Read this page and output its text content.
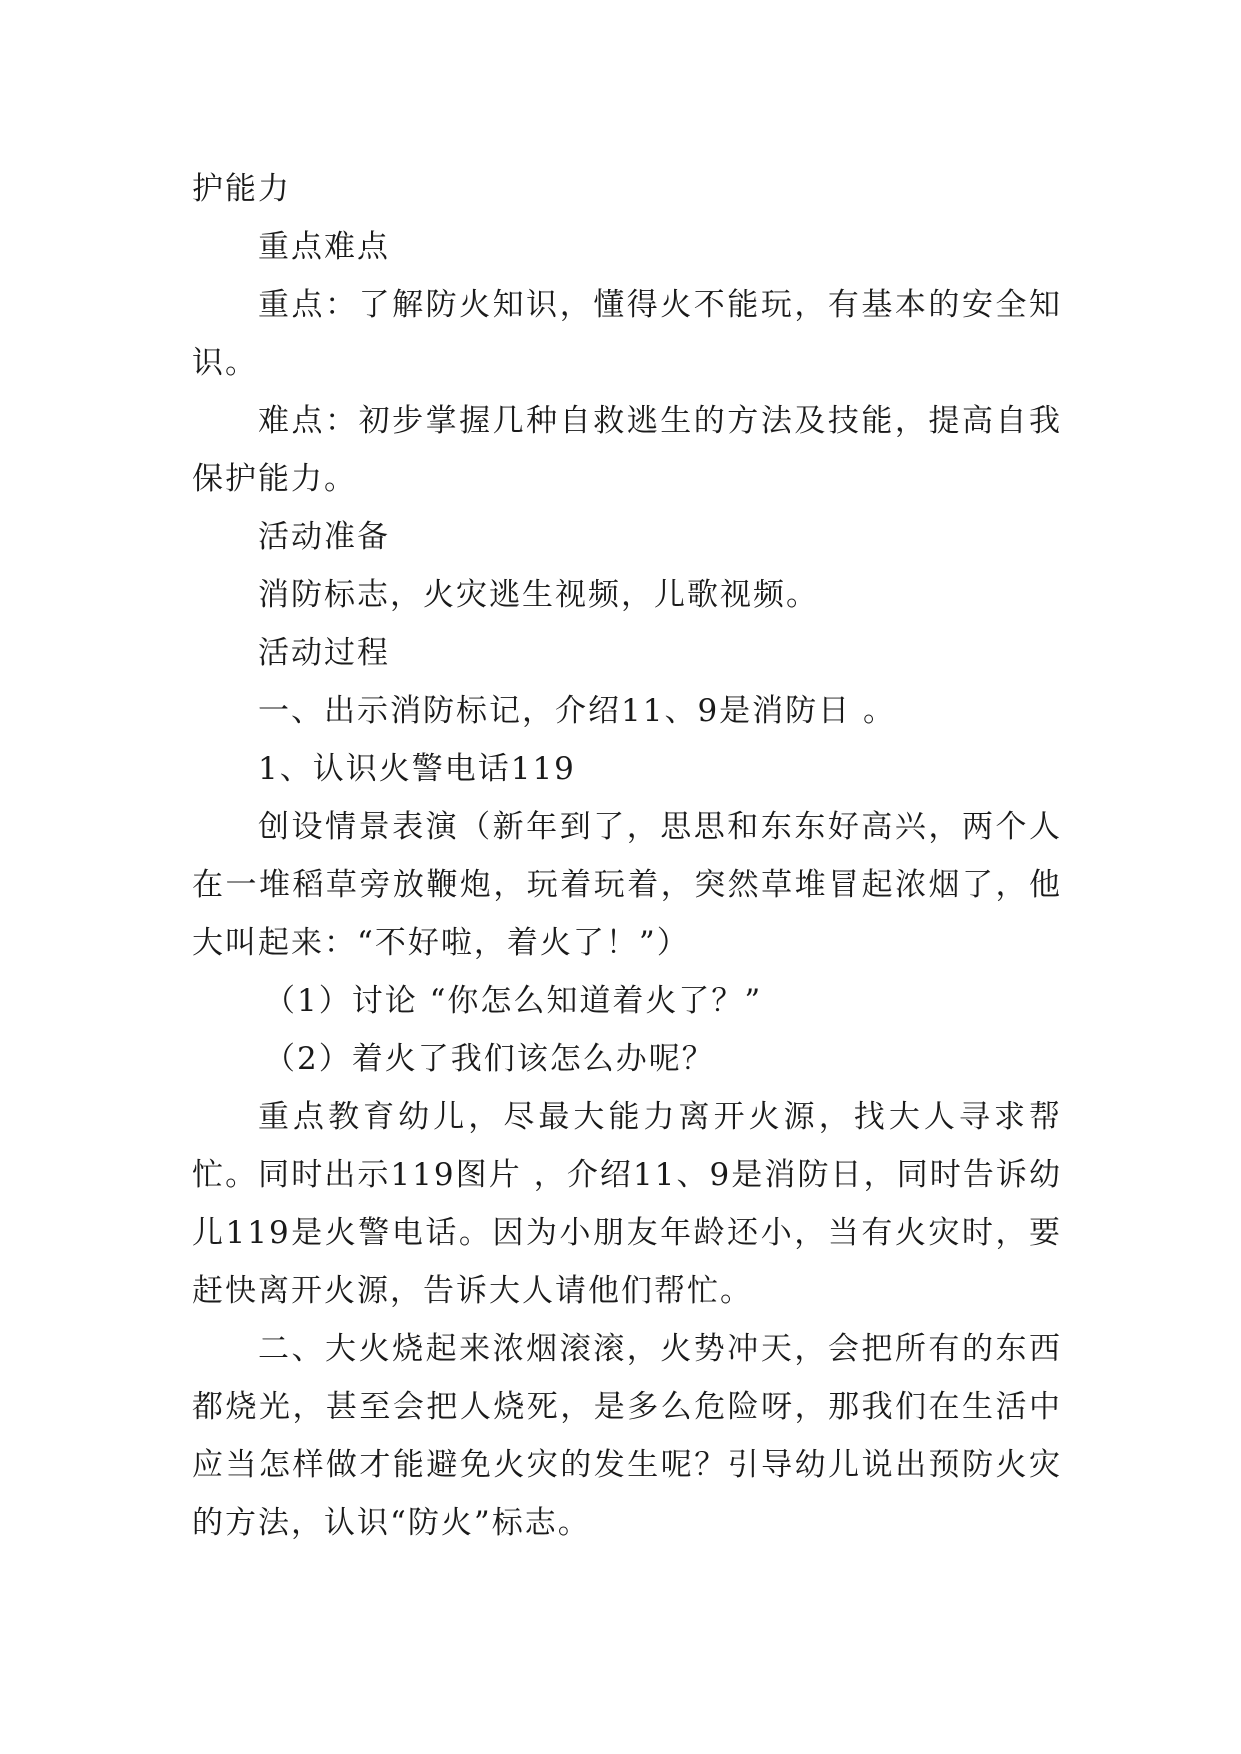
护能力

重点难点

重点：了解防火知识，懂得火不能玩，有基本的安全知识。

难点：初步掌握几种自救逃生的方法及技能，提高自我保护能力。

活动准备

消防标志，火灾逃生视频，儿歌视频。

活动过程

一、出示消防标记，介绍11、9是消防日 。

1、认识火警电话119

创设情景表演（新年到了，思思和东东好高兴，两个人在一堆稻草旁放鞭炮，玩着玩着，突然草堆冒起浓烟了，他大叫起来：“不好啦，着火了！”）

（1）讨论 “你怎么知道着火了？”

（2）着火了我们该怎么办呢？

重点教育幼儿，尽最大能力离开火源，找大人寻求帮忙。同时出示119图片 ，介绍11、9是消防日，同时告诉幼儿119是火警电话。因为小朋友年龄还小，当有火灾时，要赶快离开火源，告诉大人请他们帮忙。

二、大火烧起来浓烟滚滚，火势冲天，会把所有的东西都烧光，甚至会把人烧死，是多么危险呀，那我们在生活中应当怎样做才能避免火灾的发生呢？引导幼儿说出预防火灾的方法，认识“防火”标志。
